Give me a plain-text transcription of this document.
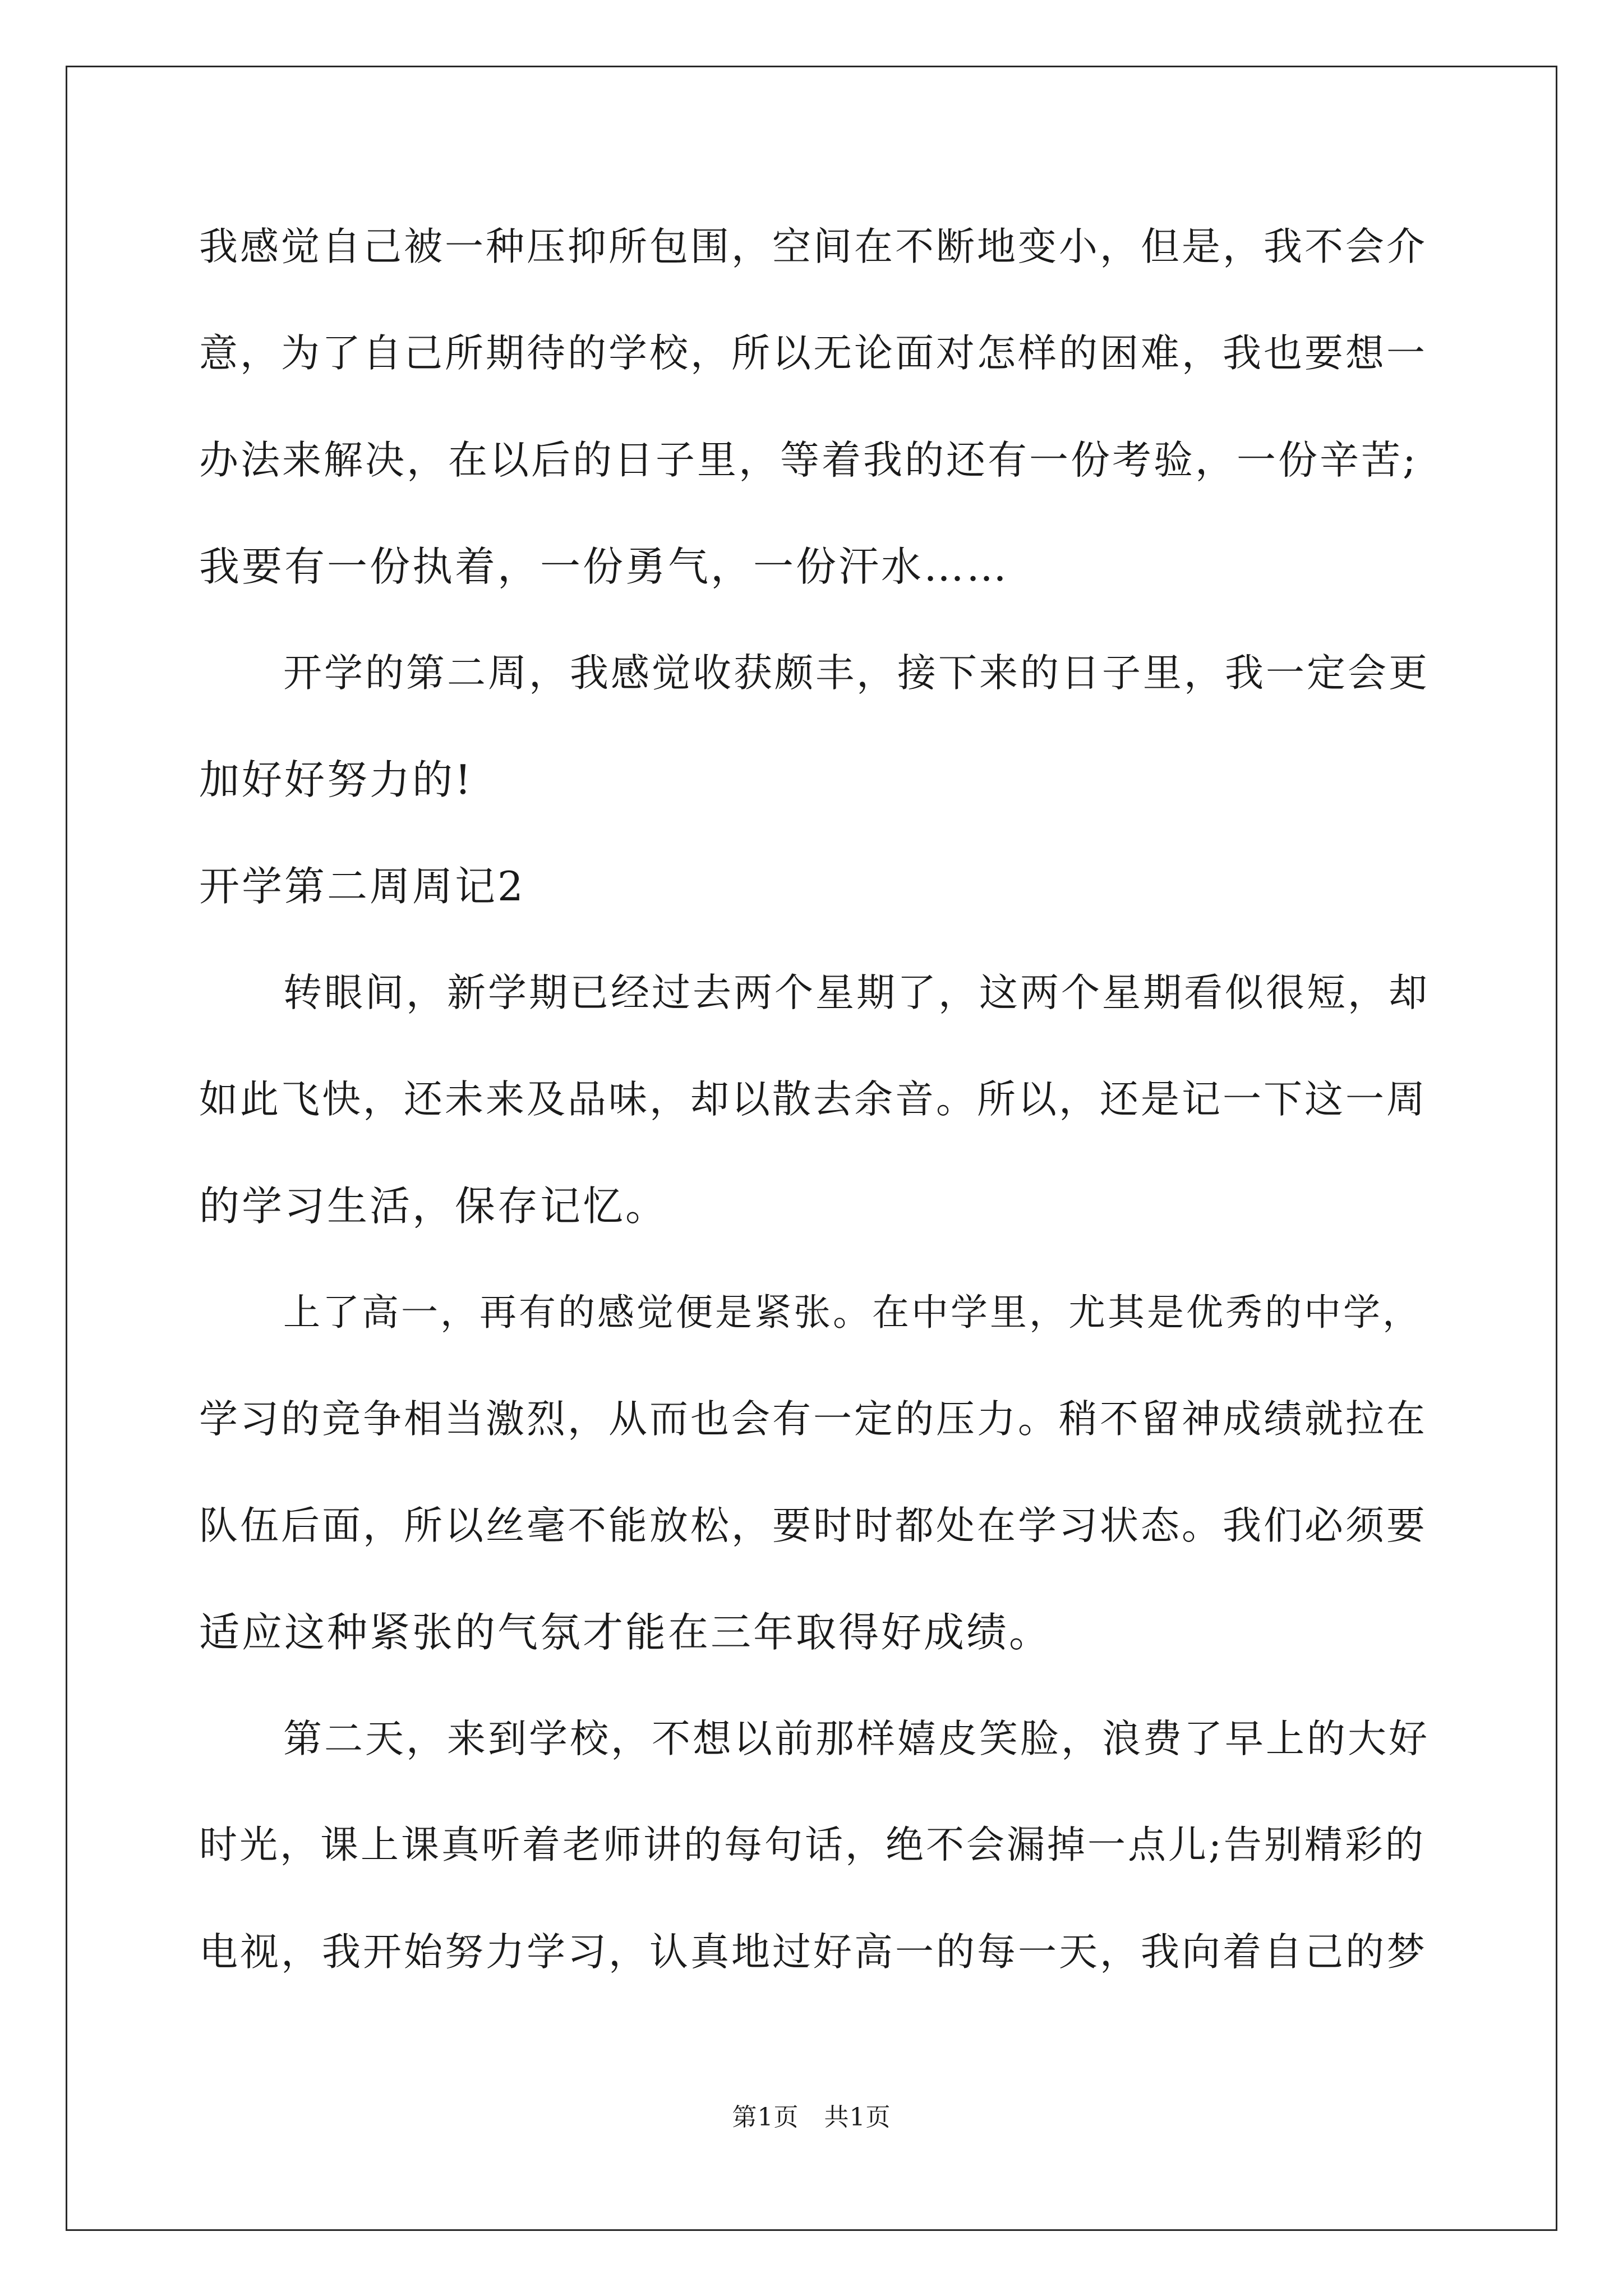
我感觉自己被一种压抑所包围，空间在不断地变小，但是，我不会介
意，为了自己所期待的学校，所以无论面对怎样的困难，我也要想一
办法来解决，在以后的日子里，等着我的还有一份考验，一份辛苦;
我要有一份执着，一份勇气，一份汗水……
开学的第二周，我感觉收获颇丰，接下来的日子里，我一定会更
加好好努力的!
开学第二周周记2
转眼间，新学期已经过去两个星期了，这两个星期看似很短，却
如此飞快，还未来及品味，却以散去余音。所以，还是记一下这一周
的学习生活，保存记忆。
上了高一，再有的感觉便是紧张。在中学里，尤其是优秀的中学，
学习的竞争相当激烈，从而也会有一定的压力。稍不留神成绩就拉在
队伍后面，所以丝毫不能放松，要时时都处在学习状态。我们必须要
适应这种紧张的气氛才能在三年取得好成绩。
第二天，来到学校，不想以前那样嬉皮笑脸，浪费了早上的大好
时光，课上课真听着老师讲的每句话，绝不会漏掉一点儿;告别精彩的
电视，我开始努力学习，认真地过好高一的每一天，我向着自己的梦
第1页　共1页
